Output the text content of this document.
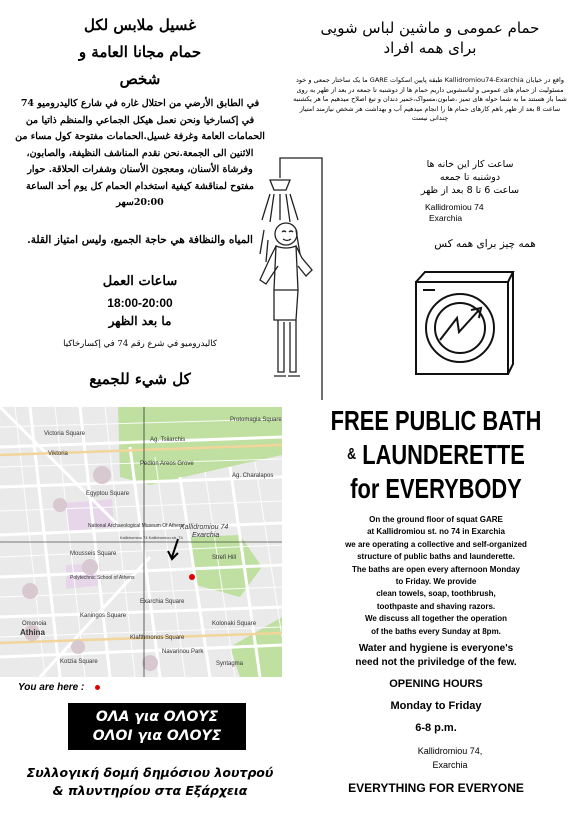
غسيل ملابس لكل
حمام مجانا العامة و
شخص
في الطابق الأرضي من احتلال غاره في شارع كاليدروميو 74 في إكسارخيا ونحن نعمل هيكل الجماعي والمنظم ذاتيا من الحمامات العامة وغرفة غسيل.الحمامات مفتوحة كول مساء من الاثنين الى الجمعة.نحن نقدم المناشف النظيفة، والصابون، وفرشاة الأسنان، ومعجون الأسنان وشفرات الحلاقة. حوار مفتوح لمناقشة كيفية استخدام الحمام كل يوم أحد الساعة 20:00سهر
المياه والنظافة هي حاجة الجميع، وليس امتياز القلة.
ساعات العمل
18:00-20:00
ما بعد الظهر
كاليدروميو في شرع رقم 74 في إكسارخاكيا
كل شيء للجميع
حمام عمومی و ماشین لباس شویی
برای همه افراد
واقع در خیابان Kallidromiou74-Exarchia طبقه پایین اسکوات GARE ما یک ساختار جمعی و خود مسئولیت از حمام های عمومی و لباسشویی داریم حمام ها از دوشنبه تا جمعه در بعد از ظهر به روی شما باز هستند ما به شما حوله های تمیز ،صابون،مسواک،خمیر دندان و تیغ اصلاح میدهیم ما هر یکشنبه ساعت 8 بعد از ظهر باهم کارهای حمام ها را انجام میدهیم آب و بهداشت هر شخص نیازمند امتیاز چندانی نیست
ساعت کار این خانه ها
دوشنبه تا جمعه
ساعت 6 تا 8 بعد از ظهر
Kallidromiou 74
Exarchia
همه چیز برای همه کس
Ag. Tsiiarchis
Pedion Areos Grove
Victoria Square
Viktoria
Egyptou Square
Omonoia
Exarchia Square
Strefi Hill
Kolonaki Square
Athina
Syntagma
Ag. Charalapos
Protomagia Square
National Archaeological Museum Of Athens
Mousseis Square
Polytechnic School of Athens
Kaningos Square
Klafthmonos Square
Navarinou Park
Kotzia Square
Kallidromiou 74 Kallidromiou str. 74
Kallidromiou 74
Exarchia
You are here :
ΟΛΑ για ΟΛΟΥΣ
ΟΛΟΙ για ΟΛΟΥΣ
Συλλογική δομή δημόσιου λουτρού
& πλυντηρίου στα Εξάρχεια
FREE PUBLIC BATH
& LAUNDERETTE
for EVERYBODY
On the ground floor of squat GARE
at Kallidromiou st. no 74 in Exarchia
we are operating a collective and self-organized
structure of public baths and launderette.
The baths are open every afternoon Monday
to Friday. We provide
clean towels, soap, toothbrush,
toothpaste and shaving razors.
We discuss all together the operation
of the baths every Sunday at 8pm.
Water and hygiene is everyone's
need not the priviledge of the few.
OPENING HOURS
Monday to Friday
6-8 p.m.
Kallidromiou 74,
Exarchia
EVERYTHING FOR EVERYONE
